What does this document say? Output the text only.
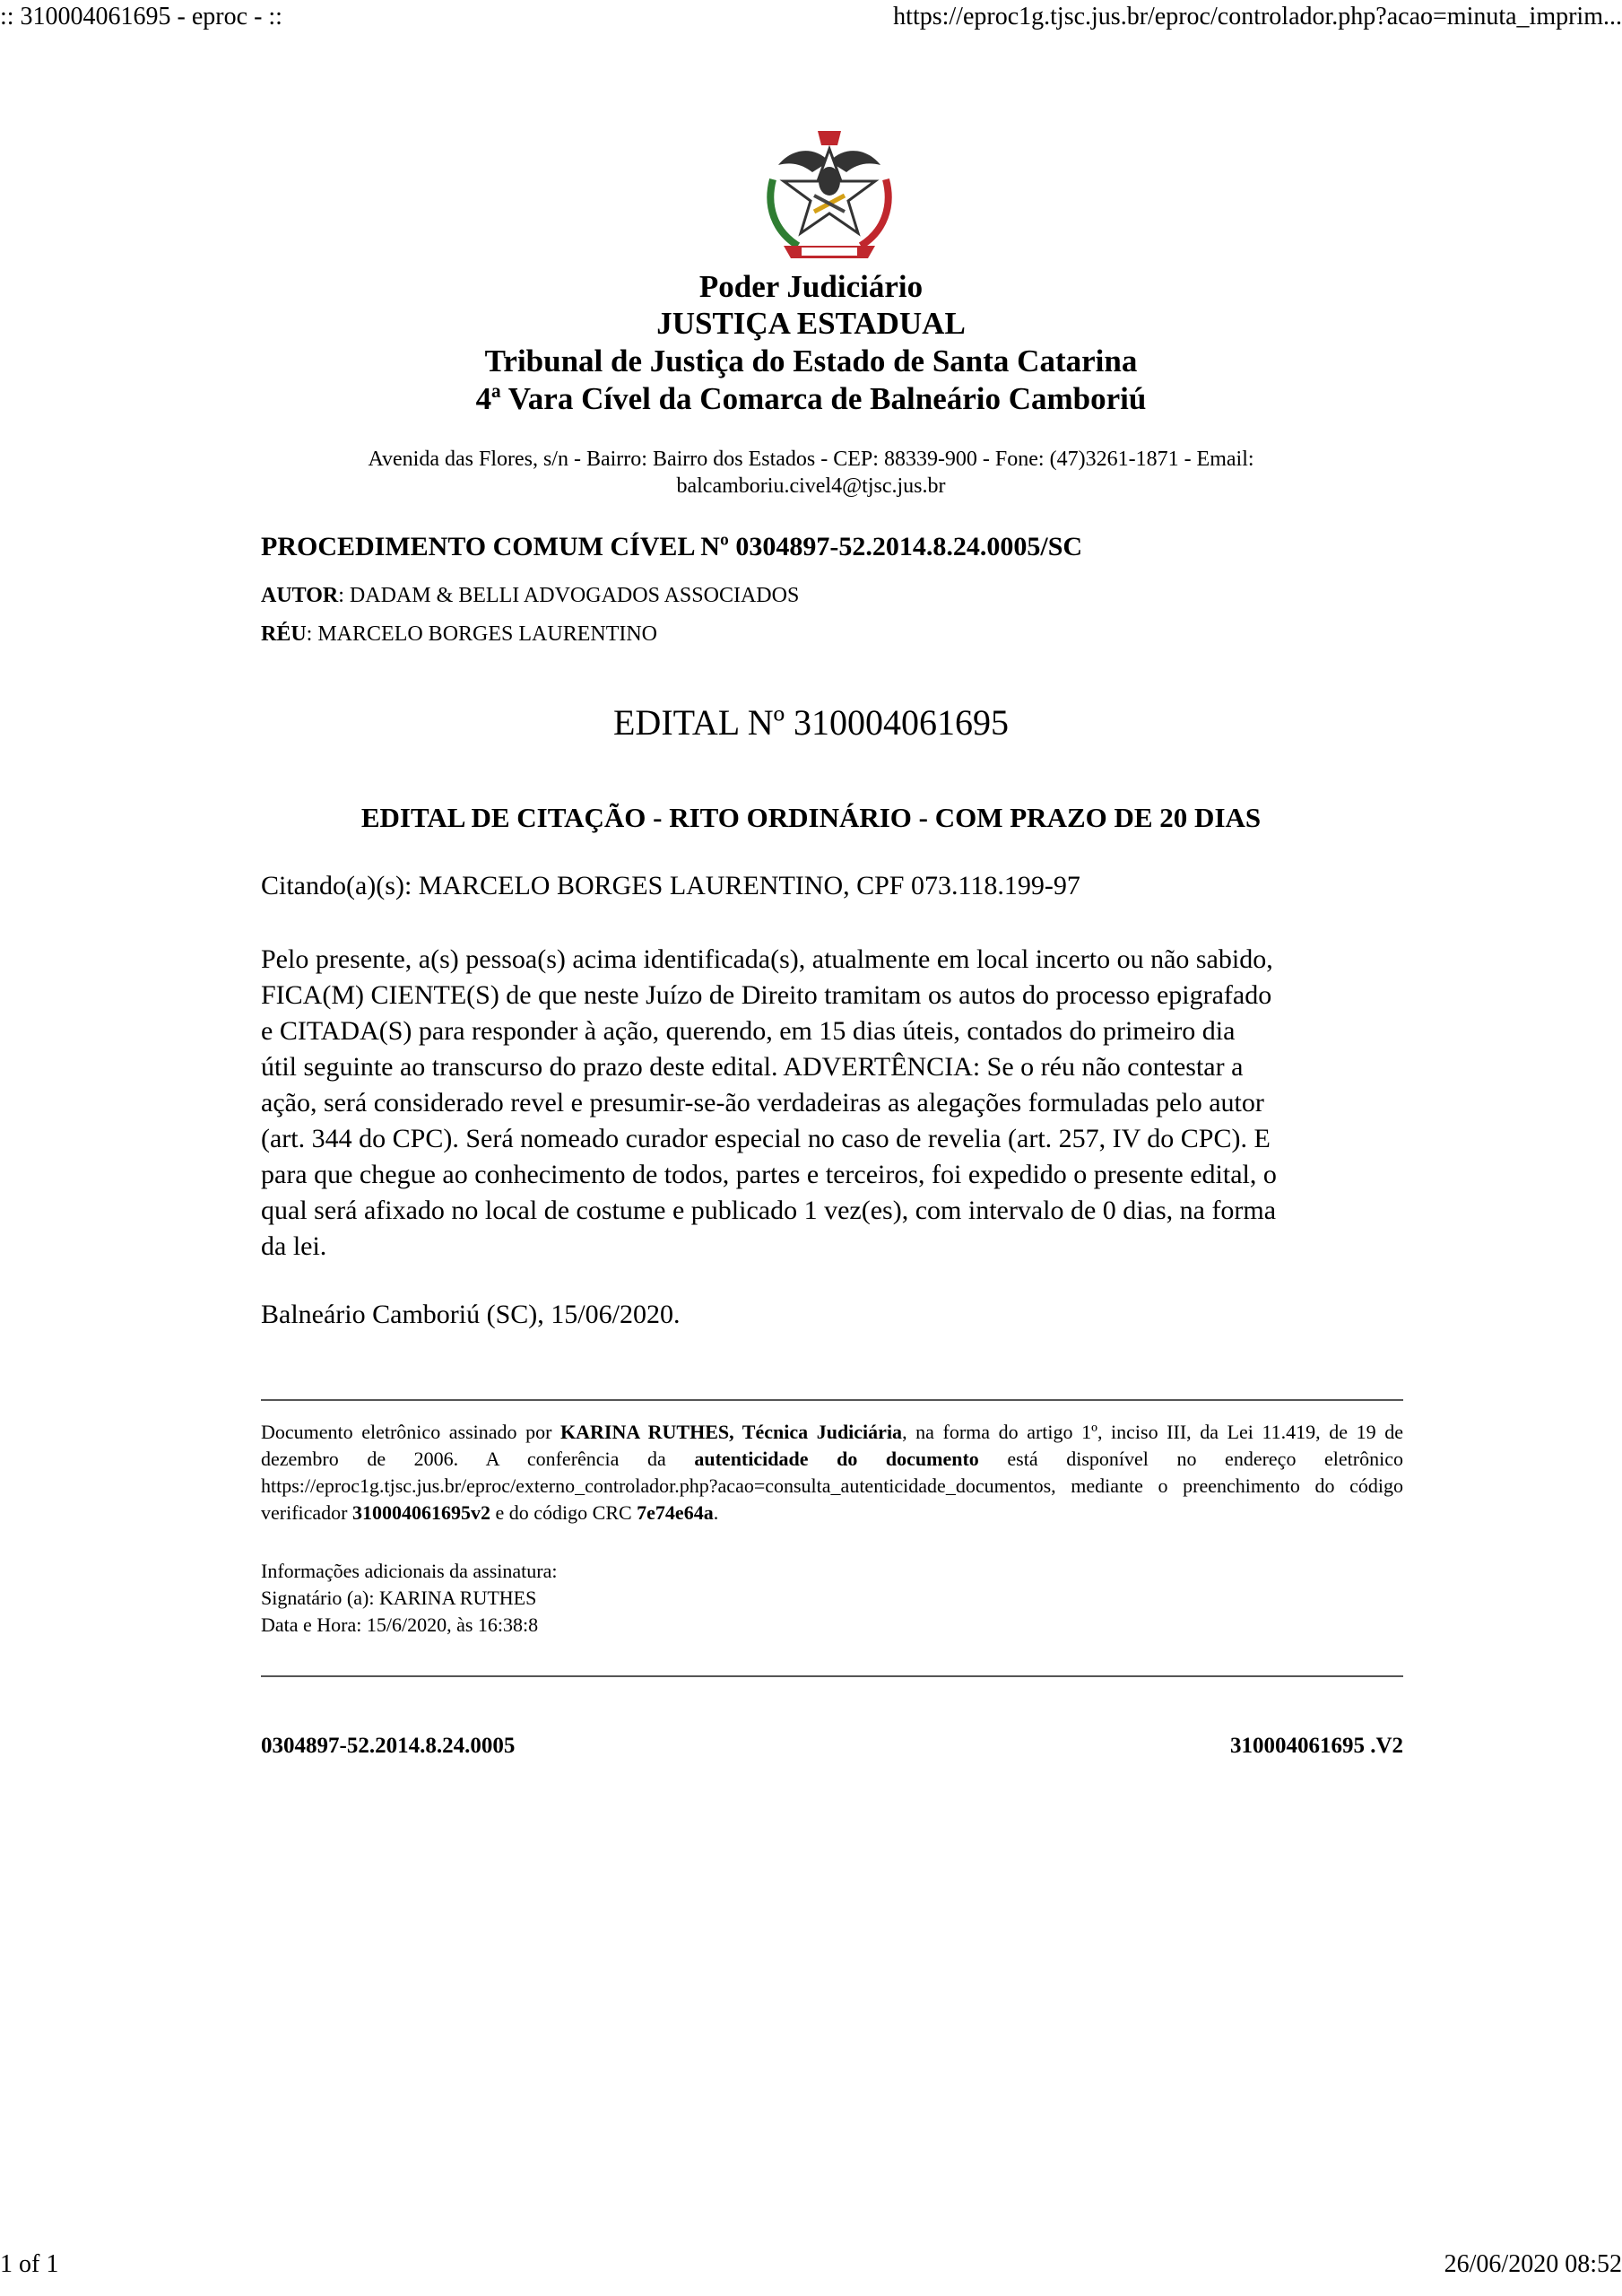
:: 310004061695 - eproc - ::	https://eproc1g.tjsc.jus.br/eproc/controlador.php?acao=minuta_imprim...
Poder Judiciário
JUSTIÇA ESTADUAL
Tribunal de Justiça do Estado de Santa Catarina
4ª Vara Cível da Comarca de Balneário Camboriú
Avenida das Flores, s/n - Bairro: Bairro dos Estados - CEP: 88339-900 - Fone: (47)3261-1871 - Email:
balcamboriu.civel4@tjsc.jus.br
PROCEDIMENTO COMUM CÍVEL Nº 0304897-52.2014.8.24.0005/SC
AUTOR: DADAM & BELLI ADVOGADOS ASSOCIADOS
RÉU: MARCELO BORGES LAURENTINO
EDITAL Nº 310004061695
EDITAL DE CITAÇÃO - RITO ORDINÁRIO - COM PRAZO DE 20 DIAS
Citando(a)(s): MARCELO BORGES LAURENTINO, CPF 073.118.199-97
Pelo presente, a(s) pessoa(s) acima identificada(s), atualmente em local incerto ou não sabido,
FICA(M) CIENTE(S) de que neste Juízo de Direito tramitam os autos do processo epigrafado
e CITADA(S) para responder à ação, querendo, em 15 dias úteis, contados do primeiro dia
útil seguinte ao transcurso do prazo deste edital. ADVERTÊNCIA: Se o réu não contestar a
ação, será considerado revel e presumir-se-ão verdadeiras as alegações formuladas pelo autor
(art. 344 do CPC). Será nomeado curador especial no caso de revelia (art. 257, IV do CPC). E
para que chegue ao conhecimento de todos, partes e terceiros, foi expedido o presente edital, o
qual será afixado no local de costume e publicado 1 vez(es), com intervalo de 0 dias, na forma
da lei.
Balneário Camboriú (SC), 15/06/2020.
Documento eletrônico assinado por KARINA RUTHES, Técnica Judiciária, na forma do artigo 1º, inciso III, da Lei 11.419, de 19 de dezembro de 2006. A conferência da autenticidade do documento está disponível no endereço eletrônico https://eproc1g.tjsc.jus.br/eproc/externo_controlador.php?acao=consulta_autenticidade_documentos, mediante o preenchimento do código verificador 310004061695v2 e do código CRC 7e74e64a.
Informações adicionais da assinatura:
Signatário (a): KARINA RUTHES
Data e Hora: 15/6/2020, às 16:38:8
0304897-52.2014.8.24.0005	310004061695 .V2
1 of 1	26/06/2020 08:52
